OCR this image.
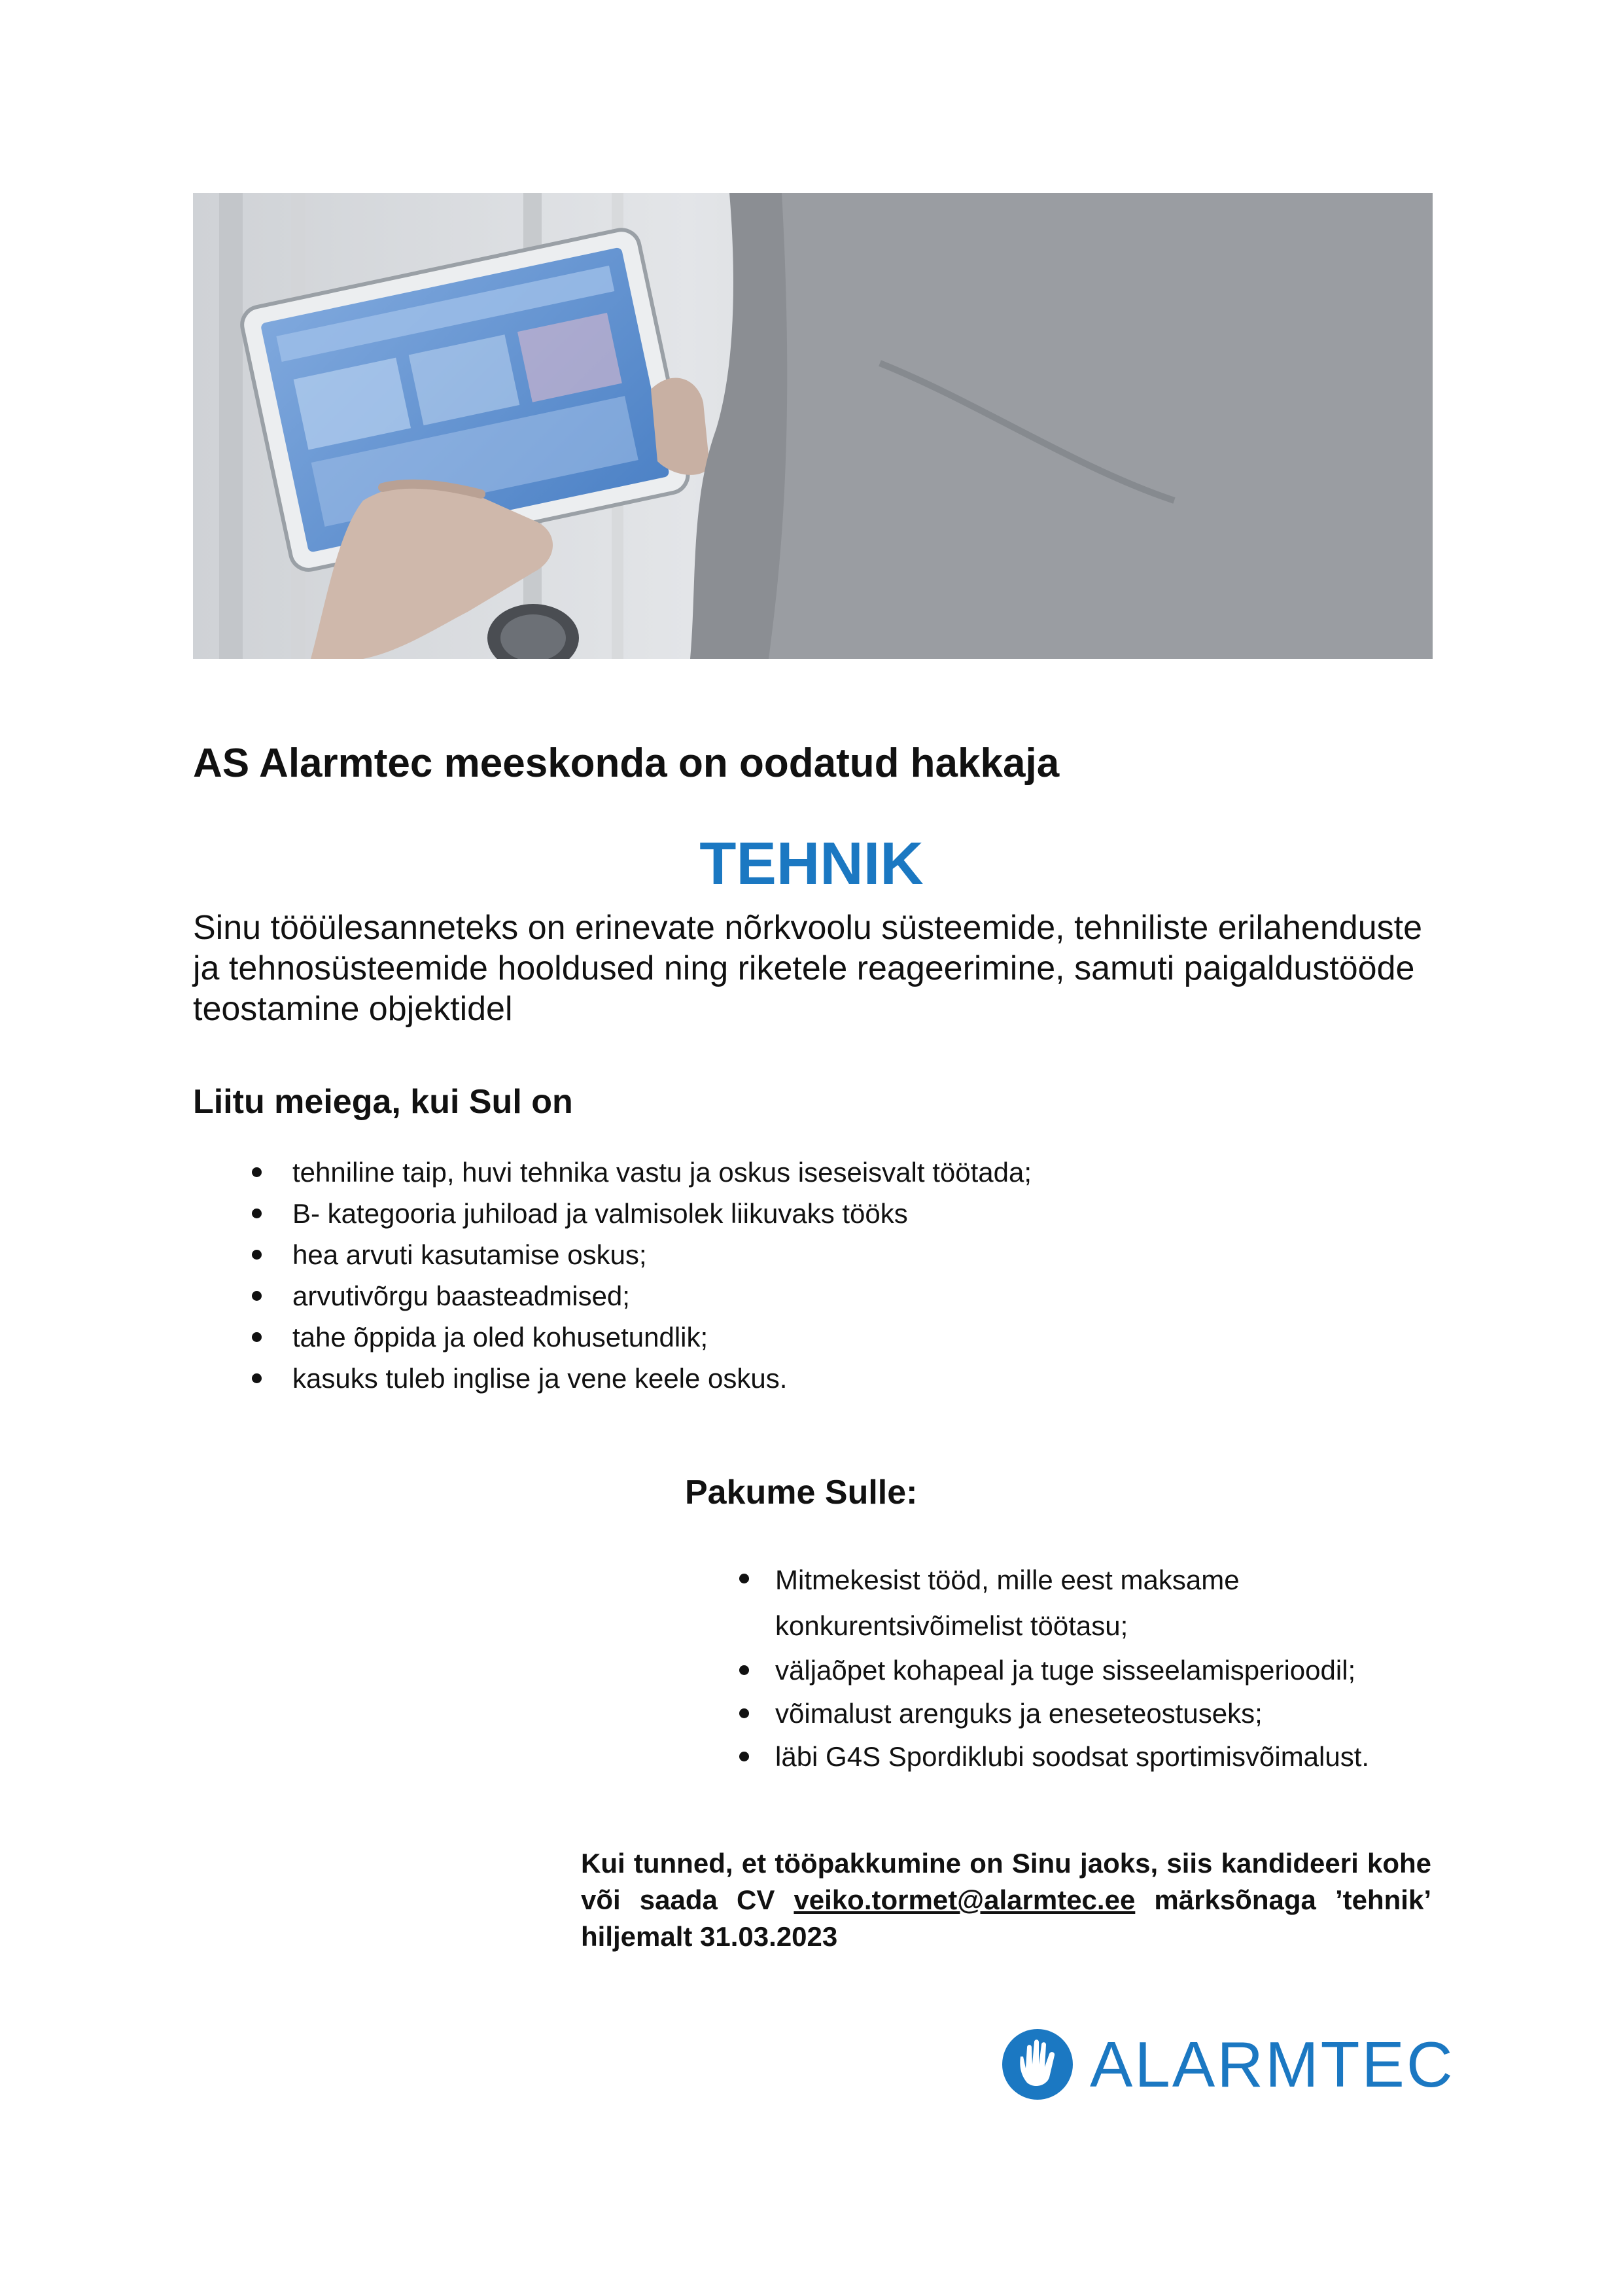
AS Alarmtec meeskonda on oodatud hakkaja
TEHNIK

Sinu tööülesanneteks on erinevate nõrkvoolu süsteemide, tehniliste erilahenduste ja tehnosüsteemide hooldused ning riketele reageerimine, samuti paigaldustööde teostamine objektidel

Liitu meiega, kui Sul on
tehniline taip, huvi tehnika vastu ja oskus iseseisvalt töötada;
B- kategooria juhiload ja valmisolek liikuvaks tööks
hea arvuti kasutamise oskus;
arvutivõrgu baasteadmised;
tahe õppida ja oled kohusetundlik;
kasuks tuleb inglise ja vene keele oskus.
Pakume Sulle:
Mitmekesist tööd, mille eest maksame konkurentsivõimelist töötasu;
väljaõpet kohapeal ja tuge sisseelamisperioodil;
võimalust arenguks ja eneseteostuseks;
läbi G4S Spordiklubi soodsat sportimisvõimalust.

Kui tunned, et tööpakkumine on Sinu jaoks, siis kandideeri kohe või saada CV veiko.tormet@alarmtec.ee märksõnaga ’tehnik’ hiljemalt 31.03.2023

ALARMTEC
